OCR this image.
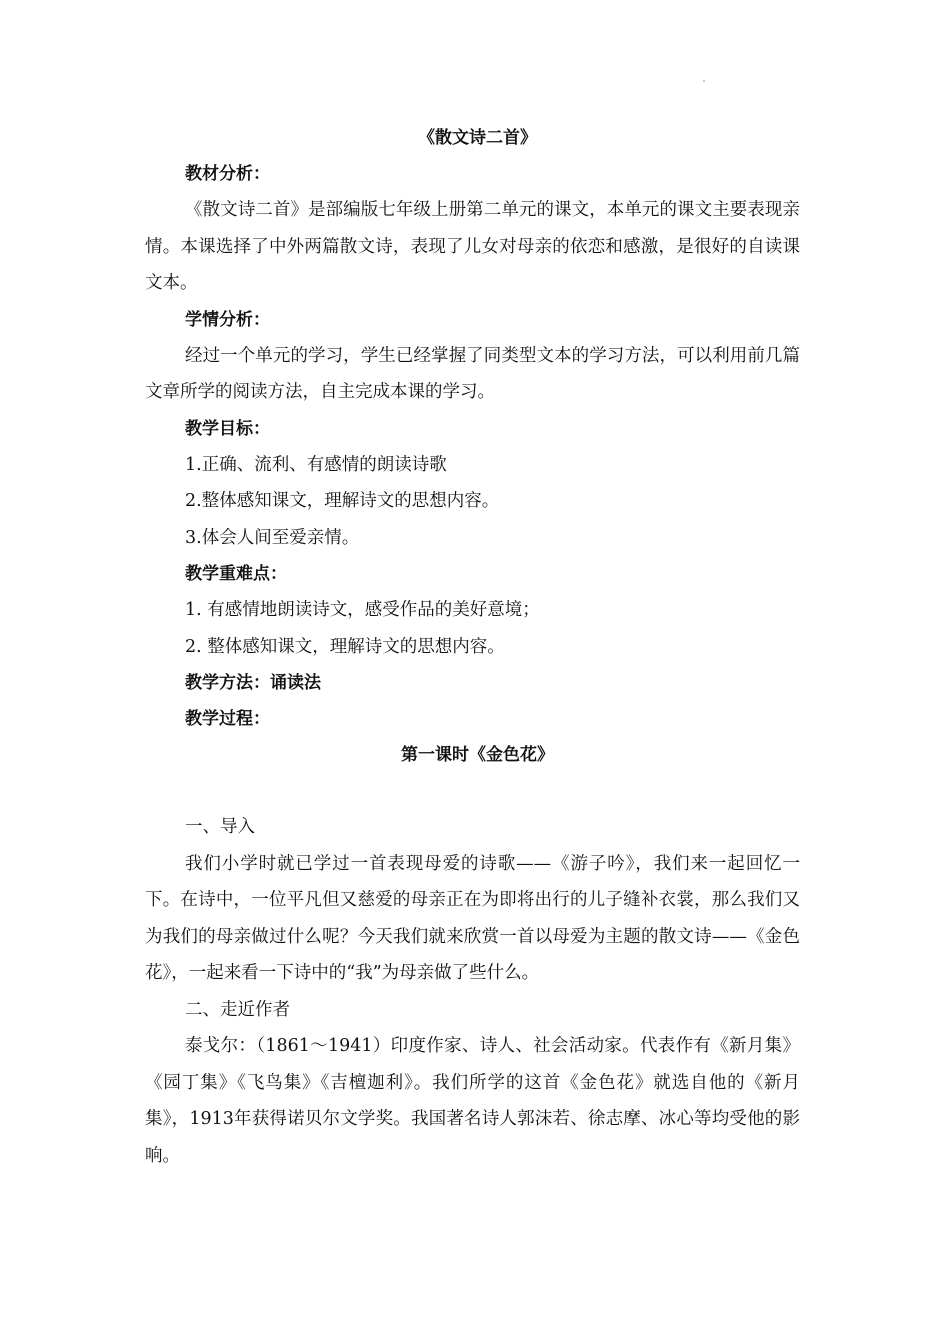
《散文诗二首》
教材分析：

《散文诗二首》是部编版七年级上册第二单元的课文，本单元的课文主要表现亲情。本课选择了中外两篇散文诗，表现了儿女对母亲的依恋和感激，是很好的自读课文本。

学情分析：

经过一个单元的学习，学生已经掌握了同类型文本的学习方法，可以利用前几篇文章所学的阅读方法，自主完成本课的学习。

教学目标：
1.正确、流利、有感情的朗读诗歌
2.整体感知课文，理解诗文的思想内容。
3.体会人间至爱亲情。
教学重难点：
1. 有感情地朗读诗文，感受作品的美好意境；
2. 整体感知课文，理解诗文的思想内容。
教学方法：诵读法
教学过程：
第一课时《金色花》
一、导入

我们小学时就已学过一首表现母爱的诗歌——《游子吟》，我们来一起回忆一下。在诗中，一位平凡但又慈爱的母亲正在为即将出行的儿子缝补衣裳，那么我们又为我们的母亲做过什么呢？今天我们就来欣赏一首以母爱为主题的散文诗——《金色花》，一起来看一下诗中的“我”为母亲做了些什么。

二、走近作者

泰戈尔：（1861～1941）印度作家、诗人、社会活动家。代表作有《新月集》《园丁集》《飞鸟集》《吉檀迦利》。我们所学的这首《金色花》就选自他的《新月集》，1913年获得诺贝尔文学奖。我国著名诗人郭沫若、徐志摩、冰心等均受他的影响。
